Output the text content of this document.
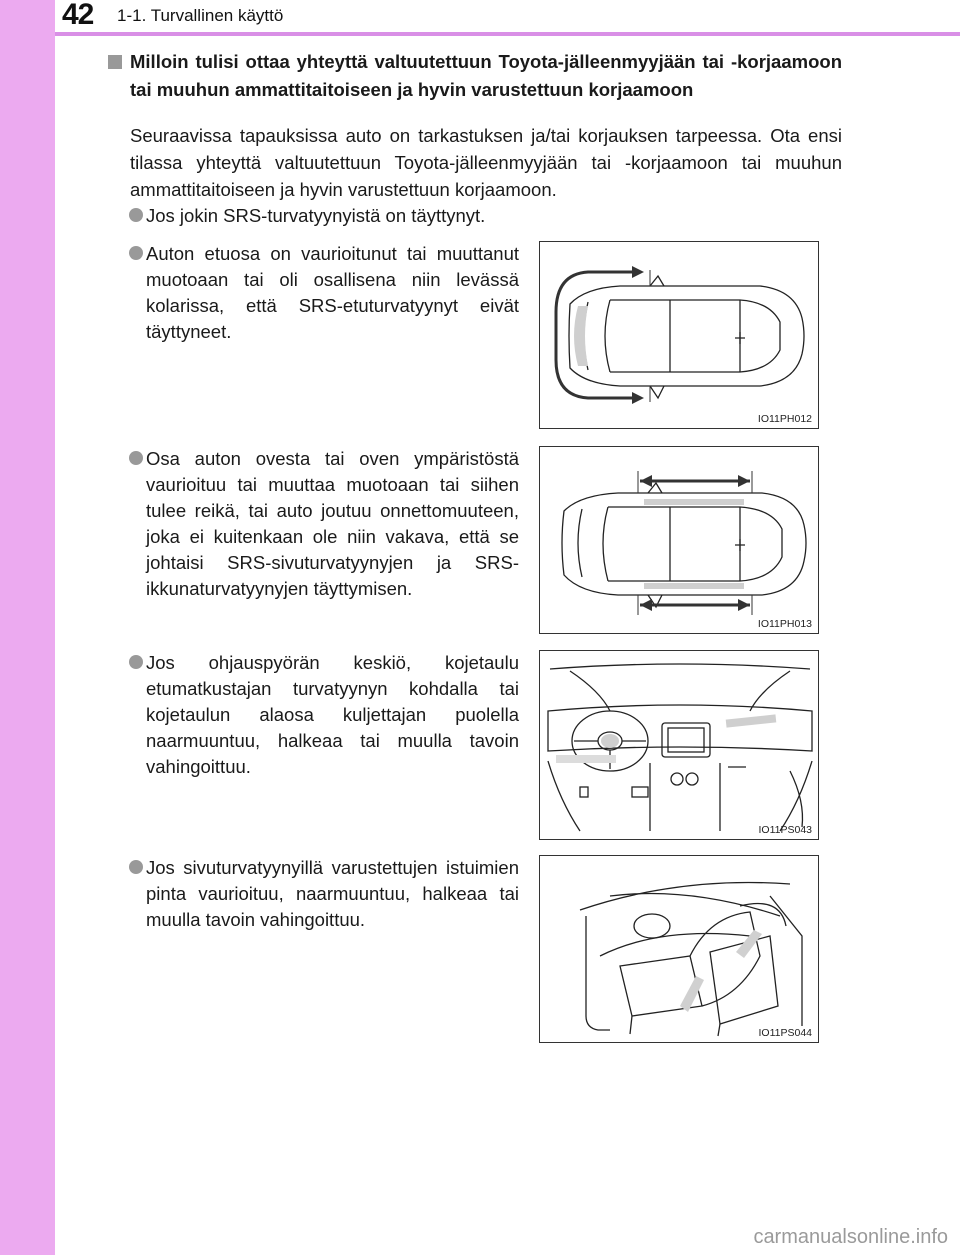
42 1-1. Turvallinen käyttö
Milloin tulisi ottaa yhteyttä valtuutettuun Toyota-jälleenmyyjään tai -korjaamoon tai muuhun ammattitaitoiseen ja hyvin varustettuun korjaamoon
Seuraavissa tapauksissa auto on tarkastuksen ja/tai korjauksen tarpeessa. Ota ensi tilassa yhteyttä valtuutettuun Toyota-jälleenmyyjään tai -korjaamoon tai muuhun ammattitaitoiseen ja hyvin varustettuun korjaamoon.
Jos jokin SRS-turvatyynyistä on täyttynyt.
Auton etuosa on vaurioitunut tai muuttanut muotoaan tai oli osallisena niin levässä kolarissa, että SRS-etuturvatyynyt eivät täyttyneet.
Osa auton ovesta tai oven ympäristöstä vaurioituu tai muuttaa muotoaan tai siihen tulee reikä, tai auto joutuu onnettomuuteen, joka ei kuitenkaan ole niin vakava, että se johtaisi SRS-sivuturvatyynyjen ja SRS-ikkunaturvatyynyjen täyttymisen.
Jos ohjauspyörän keskiö, kojetaulu etumatkustajan turvatyynyn kohdalla tai kojetaulun alaosa kuljettajan puolella naarmuuntuu, halkeaa tai muulla tavoin vahingoittuu.
Jos sivuturvatyynyillä varustettujen istuimien pinta vaurioituu, naarmuuntuu, halkeaa tai muulla tavoin vahingoittuu.
IO11PH012
IO11PH013
IO11PS043
IO11PS044
carmanualsonline.info
